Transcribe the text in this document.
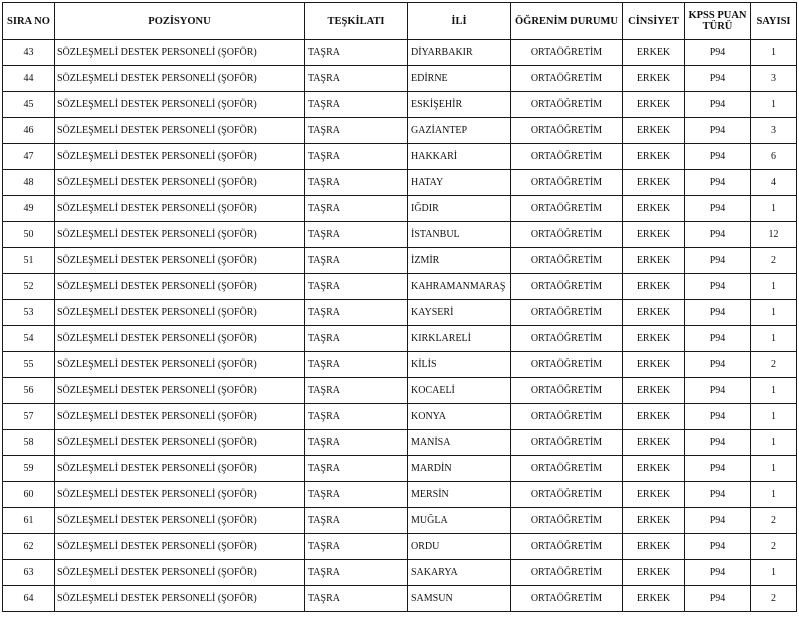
SIRA NO	POZİSYONU	TEŞKİLATI	İLİ	ÖĞRENİM DURUMU	CİNSİYET	KPSS PUAN TÜRÜ	SAYISI
43	SÖZLEŞMELİ DESTEK PERSONELİ (ŞOFÖR)	TAŞRA	DİYARBAKIR	ORTAÖĞRETİM	ERKEK	P94	1
44	SÖZLEŞMELİ DESTEK PERSONELİ (ŞOFÖR)	TAŞRA	EDİRNE	ORTAÖĞRETİM	ERKEK	P94	3
45	SÖZLEŞMELİ DESTEK PERSONELİ (ŞOFÖR)	TAŞRA	ESKİŞEHİR	ORTAÖĞRETİM	ERKEK	P94	1
46	SÖZLEŞMELİ DESTEK PERSONELİ (ŞOFÖR)	TAŞRA	GAZİANTEP	ORTAÖĞRETİM	ERKEK	P94	3
47	SÖZLEŞMELİ DESTEK PERSONELİ (ŞOFÖR)	TAŞRA	HAKKARİ	ORTAÖĞRETİM	ERKEK	P94	6
48	SÖZLEŞMELİ DESTEK PERSONELİ (ŞOFÖR)	TAŞRA	HATAY	ORTAÖĞRETİM	ERKEK	P94	4
49	SÖZLEŞMELİ DESTEK PERSONELİ (ŞOFÖR)	TAŞRA	IĞDIR	ORTAÖĞRETİM	ERKEK	P94	1
50	SÖZLEŞMELİ DESTEK PERSONELİ (ŞOFÖR)	TAŞRA	İSTANBUL	ORTAÖĞRETİM	ERKEK	P94	12
51	SÖZLEŞMELİ DESTEK PERSONELİ (ŞOFÖR)	TAŞRA	İZMİR	ORTAÖĞRETİM	ERKEK	P94	2
52	SÖZLEŞMELİ DESTEK PERSONELİ (ŞOFÖR)	TAŞRA	KAHRAMANMARAŞ	ORTAÖĞRETİM	ERKEK	P94	1
53	SÖZLEŞMELİ DESTEK PERSONELİ (ŞOFÖR)	TAŞRA	KAYSERİ	ORTAÖĞRETİM	ERKEK	P94	1
54	SÖZLEŞMELİ DESTEK PERSONELİ (ŞOFÖR)	TAŞRA	KIRKLARELİ	ORTAÖĞRETİM	ERKEK	P94	1
55	SÖZLEŞMELİ DESTEK PERSONELİ (ŞOFÖR)	TAŞRA	KİLİS	ORTAÖĞRETİM	ERKEK	P94	2
56	SÖZLEŞMELİ DESTEK PERSONELİ (ŞOFÖR)	TAŞRA	KOCAELİ	ORTAÖĞRETİM	ERKEK	P94	1
57	SÖZLEŞMELİ DESTEK PERSONELİ (ŞOFÖR)	TAŞRA	KONYA	ORTAÖĞRETİM	ERKEK	P94	1
58	SÖZLEŞMELİ DESTEK PERSONELİ (ŞOFÖR)	TAŞRA	MANİSA	ORTAÖĞRETİM	ERKEK	P94	1
59	SÖZLEŞMELİ DESTEK PERSONELİ (ŞOFÖR)	TAŞRA	MARDİN	ORTAÖĞRETİM	ERKEK	P94	1
60	SÖZLEŞMELİ DESTEK PERSONELİ (ŞOFÖR)	TAŞRA	MERSİN	ORTAÖĞRETİM	ERKEK	P94	1
61	SÖZLEŞMELİ DESTEK PERSONELİ (ŞOFÖR)	TAŞRA	MUĞLA	ORTAÖĞRETİM	ERKEK	P94	2
62	SÖZLEŞMELİ DESTEK PERSONELİ (ŞOFÖR)	TAŞRA	ORDU	ORTAÖĞRETİM	ERKEK	P94	2
63	SÖZLEŞMELİ DESTEK PERSONELİ (ŞOFÖR)	TAŞRA	SAKARYA	ORTAÖĞRETİM	ERKEK	P94	1
64	SÖZLEŞMELİ DESTEK PERSONELİ (ŞOFÖR)	TAŞRA	SAMSUN	ORTAÖĞRETİM	ERKEK	P94	2
